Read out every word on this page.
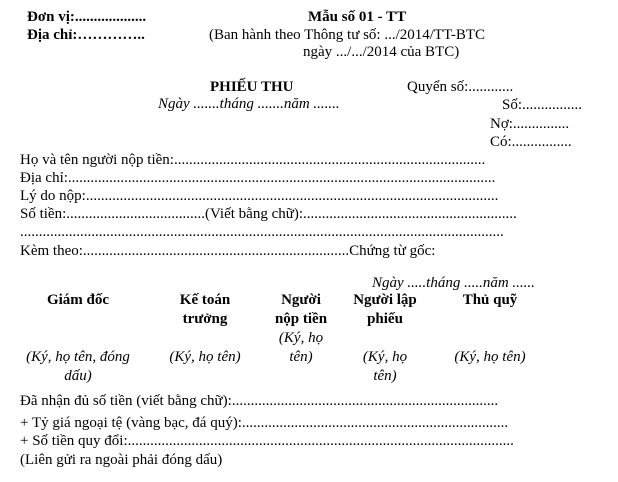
Đơn vị:...................
Địa chỉ:…………..
Mẫu số 01 - TT
(Ban hành theo Thông tư số: .../2014/TT-BTC
ngày .../.../2014 của BTC)
PHIẾU THU
Ngày .......tháng .......năm .......
Quyển số:............
Số:................
Nợ:...............
Có:................
Họ và tên người nộp tiền:...................................................................................
Địa chỉ:..................................................................................................................
Lý do nộp:..............................................................................................................
Số tiền:.....................................(Viết bằng chữ):.........................................................
.................................................................................................................................
Kèm theo:.......................................................................Chứng từ gốc:
Ngày .....tháng .....năm ......
Giám đốc
(Ký, họ tên, đóng dấu)
Kế toán trưởng
(Ký, họ tên)
Người nộp tiền
(Ký, họ tên)
Người lập phiếu
(Ký, họ tên)
Thủ quỹ
(Ký, họ tên)
Đã nhận đủ số tiền (viết bằng chữ):.......................................................................
+ Tỷ giá ngoại tệ (vàng bạc, đá quý):.......................................................................
+ Số tiền quy đổi:.......................................................................................................
(Liên gửi ra ngoài phải đóng dấu)
